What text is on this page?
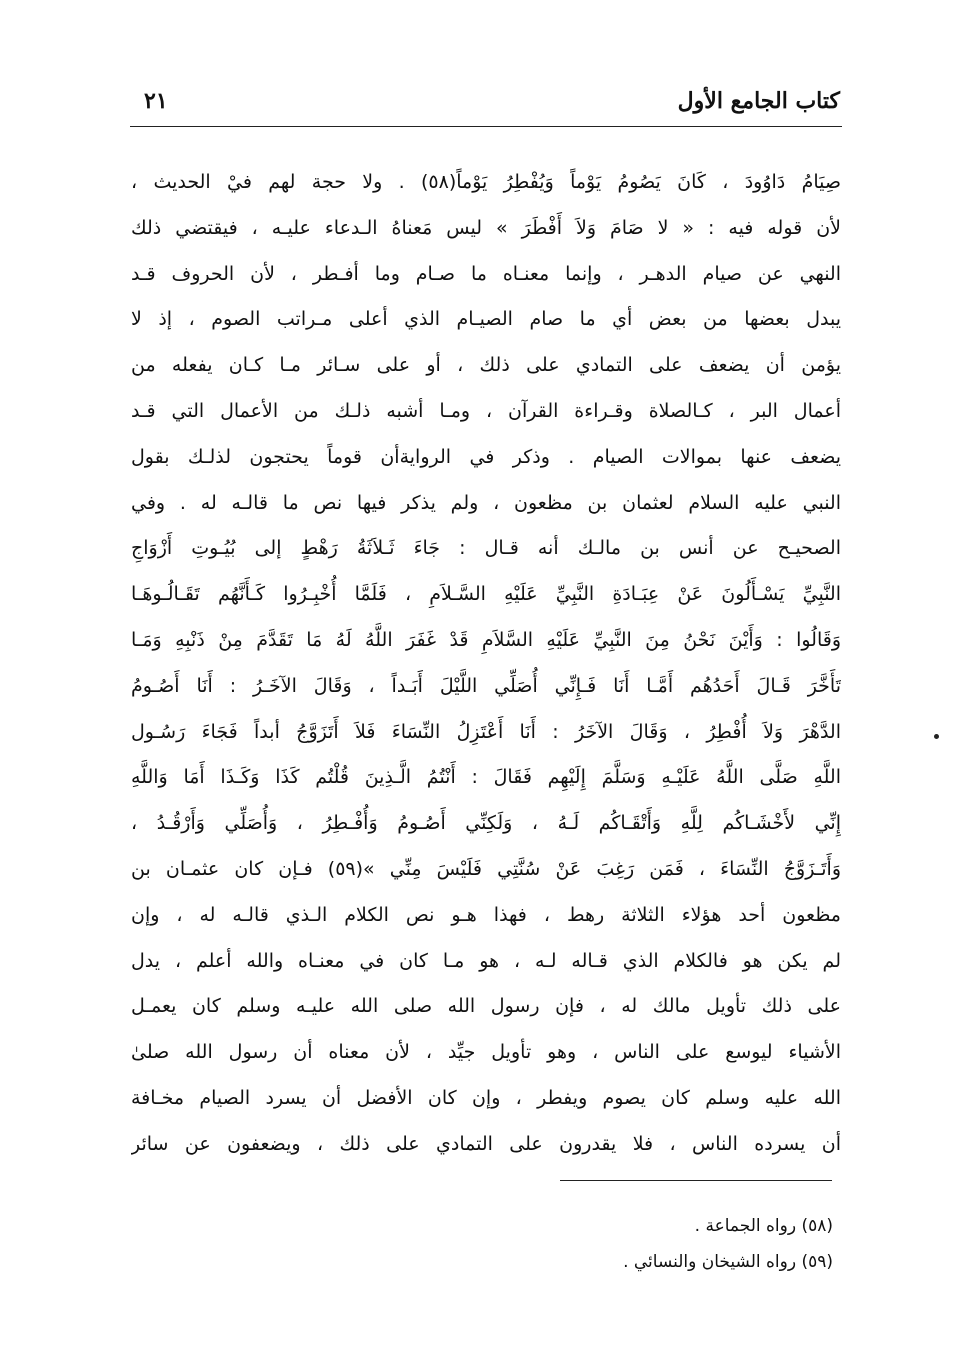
كتاب الجامع الأول
٢١
صِيَامُ دَاوُودَ ، كَانَ يَصُومُ يَوْماً وَيُفْطِرُ يَوْماً(٥٨) . ولا حجة لهم فيْ الحديث ،
لأن قوله فيه : « لا صَامَ وَلاَ أَفْطَرَ » ليس مَعناهُ الـدعاء عليـه ، فيقتضي ذلك
النهي عن صيام الدهـر ، وإنما معنـاه ما صـام وما أفـطر ، لأن الحروف قـد
يبدل بعضها من بعض أي ما صام الصيـام الذي أعلى مـراتب الصوم ، إذ لا
يؤمن أن يضعف على التمادي على ذلك ، أو على سـائر مـا كـان يفعله من
أعمال البر ، كـالصلاة وقـراءة القرآن ، ومـا أشبه ذلـك من الأعمال التي قـد
يضعف عنها بموالات الصيام . وذكر في الروايةأن قوماً يحتجون لذلـك بقول
النبي عليه السلام لعثمان بن مظعون ، ولم يذكر فيها نص ما قالـه له . وفي
الصحيـح عن أنس بن مالـك أنه قـال : جَاءَ ثَـلاَثَةُ رَهْطٍ إلى بُيُـوتِ أَزْوَاجِ
النَّبِيِّ يَسْـأَلُونَ عَنْ عِبَـادَةِ النَّبِيِّ عَلَيْهِ السَّـلاَمِ ، فَلَمَّا أُخْبِـرُوا كَـأَنَّهُم تَقَـالُـوهَـا
وَقَالُوا : وَأَيْنَ نَحْنُ مِنَ النَّبِيِّ عَلَيْهِ السَّلاَمِ قَدْ غَفَرَ اللَّهُ لَهُ مَا تَقَدَّمَ مِنْ ذَنْبِهِ وَمَـا
تَأَخَّرَ قَـالَ أَحَدُهُم أَمَّـا أَنَا فَـإِنِّي أُصَلِّي اللَّيْلَ أَبَـداً ، وَقَالَ الآخَـرُ : أَنَا أَصُـومُ
الدَّهْرَ وَلاَ أُفْطِرُ ، وَقَالَ الآخَرُ : أَنَا أَعْتَزِلُ النِّسَاءَ فَلاَ أَتَزَوَّجُ أبداً فَجَاءَ رَسُـول
اللَّهِ صَلَّى اللَّهُ عَلَيْـهِ وَسَلَّمَ إِلَيْهِم فَقَالَ : أَنْتُمُ الَّـذِينَ قُلْتُم كَذَا وَكَـذَا أَمَا وَاللَّهِ
إِنِّي لأَخْشَـاكُم لِلَّهِ وَأَتْقَـاكُم لَـهُ ، وَلَكِنِّي أَصُـومُ وَأُفْـطِرُ ، وَأُصَلِّي وَأَرْقُـدُ ،
وَأَتَـزَوَّجُ النِّسَاءَ ، فَمَن رَغِبَ عَنْ سُنَّتِي فَلَيْسَ مِنِّي »(٥٩) فـإن كان عثمـان بن
مظعون أحد هؤلاء الثلاثة رهط ، فهذا هـو نص الكلام الـذي قالـه له ، وإن
لم يكن هو فالكلام الذي قـاله لـه ، هو مـا كان في معنـاه والله أعلم ، يدل
على ذلك تأويل مالك له ، فإن رسول الله صلى الله عليـه وسلم كان يعمـل
الأشياء ليوسع على الناس ، وهو تأويل جيِّد ، لأن معناه أن رسول الله صلىٰ
الله عليه وسلم كان يصوم ويفطر ، وإن كان الأفضل أن يسرد الصيام مخـافة
أن يسرده الناس ، فلا يقدرون على التمادي على ذلك ، ويضعفون عن سائر
(٥٨) رواه الجماعة .
(٥٩) رواه الشيخان والنسائي .
